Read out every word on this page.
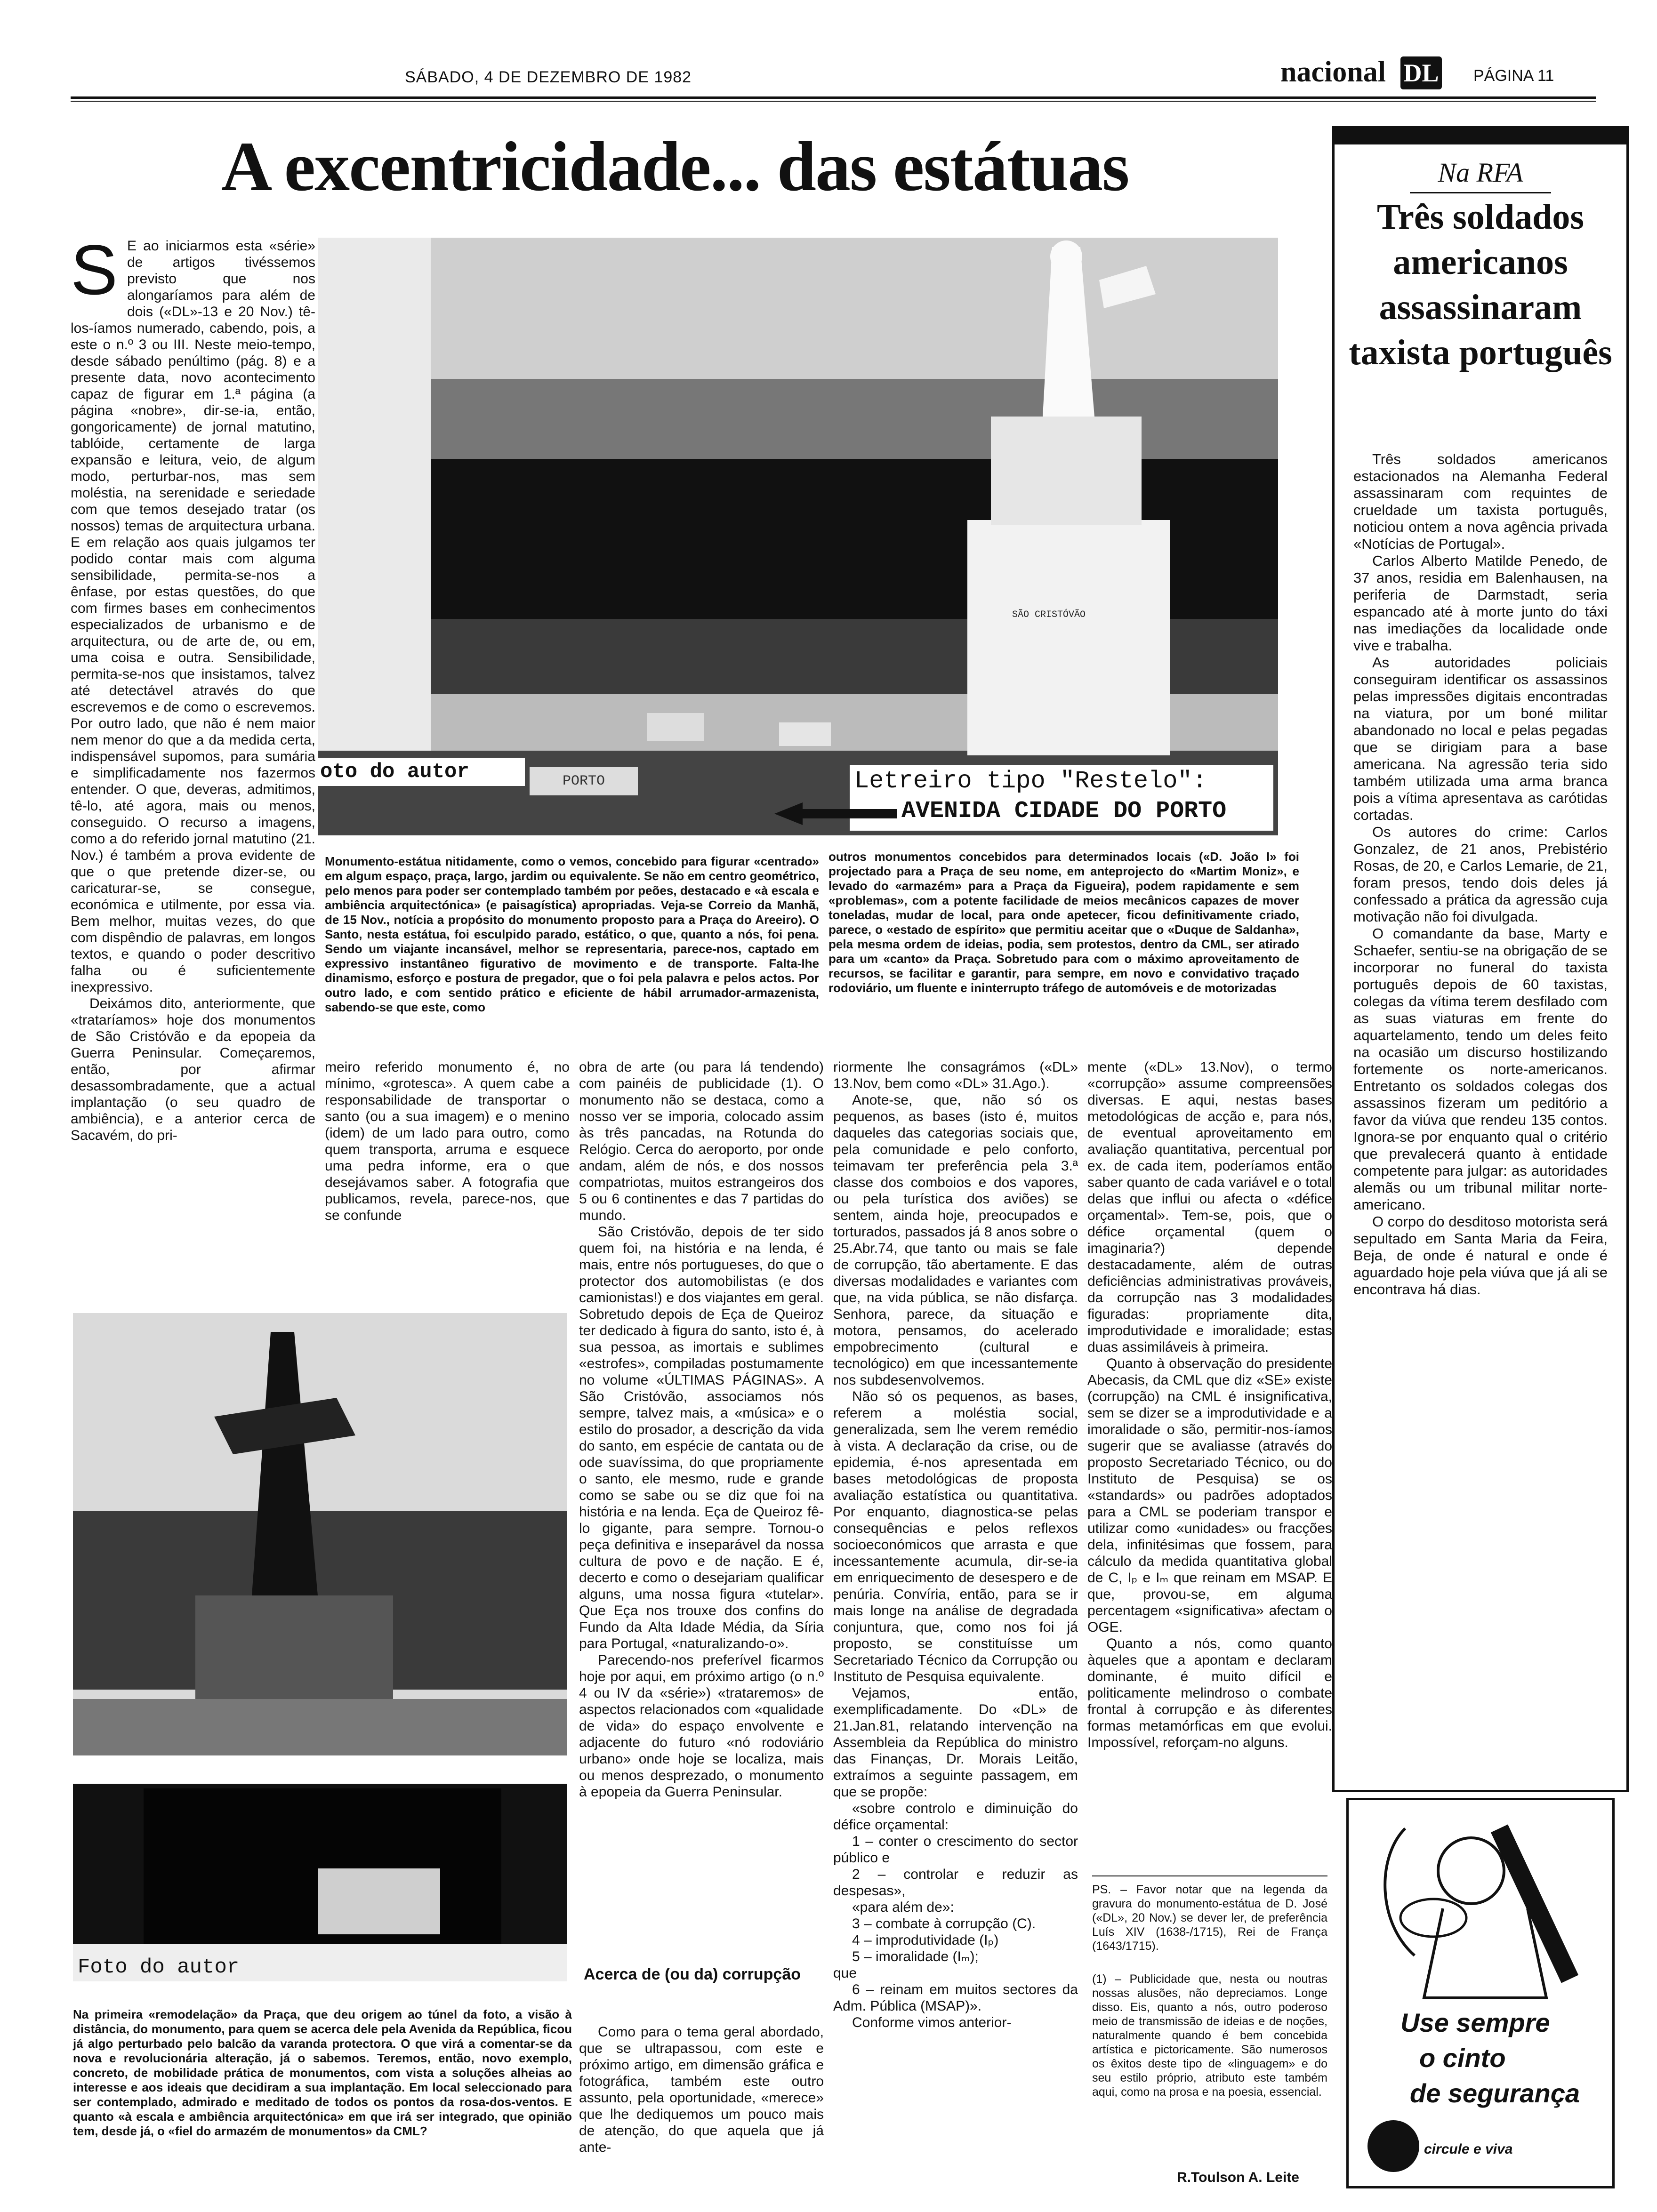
SÁBADO, 4 DE DEZEMBRO DE 1982	nacional DL PÁGINA 11
A excentricidade... das estátuas
S E ao iniciarmos esta «série» de artigos tivéssemos previsto que nos alongaríamos para além de dois («DL»-13 e 20 Nov.) tê-los-íamos numerado, cabendo, pois, a este o n.º 3 ou III. Neste meio-tempo, desde sábado penúltimo (pág. 8) e a presente data, novo acontecimento capaz de figurar em 1.ª página (a página «nobre», dir-se-ia, então, gongoricamente) de jornal matutino, tablóide, certamente de larga expansão e leitura, veio, de algum modo, perturbar-nos, mas sem moléstia, na serenidade e seriedade com que temos desejado tratar (os nossos) temas de arquitectura urbana. E em relação aos quais julgamos ter podido contar mais com alguma sensibilidade, permita-se-nos a ênfase, por estas questões, do que com firmes bases em conhecimentos especializados de urbanismo e de arquitectura, ou de arte de, ou em, uma coisa e outra. Sensibilidade, permita-se-nos que insistamos, talvez até detectável através do que escrevemos e de como o escrevemos. Por outro lado, que não é nem maior nem menor do que a da medida certa, indispensável supomos, para sumária e simplificadamente nos fazermos entender. O que, deveras, admitimos, tê-lo, até agora, mais ou menos, conseguido. O recurso a imagens, como a do referido jornal matutino (21. Nov.) é também a prova evidente de que o que pretende dizer-se, ou caricaturar-se, se consegue, económica e utilmente, por essa via. Bem melhor, muitas vezes, do que com dispêndio de palavras, em longos textos, e quando o poder descritivo falha ou é suficientemente inexpressivo.

Deixámos dito, anteriormente, que «trataríamos» hoje dos monumentos de São Cristóvão e da epopeia da Guerra Peninsular. Começaremos, então, por afirmar desassombradamente, que a actual implantação (o seu quadro de ambiência), e a anterior cerca de Sacavém, do pri-

SÃO CRISTÓVÃO
oto do autor	PORTO	Letreiro tipo "Restelo":
AVENIDA CIDADE DO PORTO
Monumento-estátua nitidamente, como o vemos, concebido para figurar «centrado» em algum espaço, praça, largo, jardim ou equivalente. Se não em centro geométrico, pelo menos para poder ser contemplado também por peões, destacado e «à escala e ambiência arquitectónica» (e paisagística) apropriadas. Veja-se Correio da Manhã, de 15 Nov., notícia a propósito do monumento proposto para a Praça do Areeiro). O Santo, nesta estátua, foi esculpido parado, estático, o que, quanto a nós, foi pena. Sendo um viajante incansável, melhor se representaria, parece-nos, captado em expressivo instantâneo figurativo de movimento e de transporte. Falta-lhe dinamismo, esforço e postura de pregador, que o foi pela palavra e pelos actos. Por outro lado, e com sentido prático e eficiente de hábil arrumador-armazenista, sabendo-se que este, como
outros monumentos concebidos para determinados locais («D. João I» foi projectado para a Praça de seu nome, em anteprojecto do «Martim Moniz», e levado do «armazém» para a Praça da Figueira), podem rapidamente e sem «problemas», com a potente facilidade de meios mecânicos capazes de mover toneladas, mudar de local, para onde apetecer, ficou definitivamente criado, parece, o «estado de espírito» que permitiu aceitar que o «Duque de Saldanha», pela mesma ordem de ideias, podia, sem protestos, dentro da CML, ser atirado para um «canto» da Praça. Sobretudo para com o máximo aproveitamento de recursos, se facilitar e garantir, para sempre, em novo e convidativo traçado rodoviário, um fluente e ininterrupto tráfego de automóveis e de motorizadas

meiro referido monumento é, no mínimo, «grotesca». A quem cabe a responsabilidade de transportar o santo (ou a sua imagem) e o menino (idem) de um lado para outro, como quem transporta, arruma e esquece uma pedra informe, era o que desejávamos saber. A fotografia que publicamos, revela, parece-nos, que se confunde

obra de arte (ou para lá tendendo) com painéis de publicidade (1). O monumento não se destaca, como a nosso ver se imporia, colocado assim às três pancadas, na Rotunda do Relógio. Cerca do aeroporto, por onde andam, além de nós, e dos nossos compatriotas, muitos estrangeiros dos 5 ou 6 continentes e das 7 partidas do mundo.

São Cristóvão, depois de ter sido quem foi, na história e na lenda, é mais, entre nós portugueses, do que o protector dos automobilistas (e dos camionistas!) e dos viajantes em geral. Sobretudo depois de Eça de Queiroz ter dedicado à figura do santo, isto é, à sua pessoa, as imortais e sublimes «estrofes», compiladas postumamente no volume «ÚLTIMAS PÁGINAS». A São Cristóvão, associamos nós sempre, talvez mais, a «música» e o estilo do prosador, a descrição da vida do santo, em espécie de cantata ou de ode suavíssima, do que propriamente o santo, ele mesmo, rude e grande como se sabe ou se diz que foi na história e na lenda. Eça de Queiroz fê-lo gigante, para sempre. Tornou-o peça definitiva e inseparável da nossa cultura de povo e de nação. E é, decerto e como o desejariam qualificar alguns, uma nossa figura «tutelar». Que Eça nos trouxe dos confins do Fundo da Alta Idade Média, da Síria para Portugal, «naturalizando-o».

Parecendo-nos preferível ficarmos hoje por aqui, em próximo artigo (o n.º 4 ou IV da «série») «trataremos» de aspectos relacionados com «qualidade de vida» do espaço envolvente e adjacente do futuro «nó rodoviário urbano» onde hoje se localiza, mais ou menos desprezado, o monumento à epopeia da Guerra Peninsular.

Acerca de (ou da) corrupção

Como para o tema geral abordado, que se ultrapassou, com este e próximo artigo, em dimensão gráfica e fotográfica, também este outro assunto, pela oportunidade, «merece» que lhe dediquemos um pouco mais de atenção, do que aquela que já ante-

riormente lhe consagrámos («DL» 13.Nov, bem como «DL» 31.Ago.).

Anote-se, que, não só os pequenos, as bases (isto é, muitos daqueles das categorias sociais que, pela comunidade e pelo conforto, teimavam ter preferência pela 3.ª classe dos comboios e dos vapores, ou pela turística dos aviões) se sentem, ainda hoje, preocupados e torturados, passados já 8 anos sobre o 25.Abr.74, que tanto ou mais se fale de corrupção, tão abertamente. E das diversas modalidades e variantes com que, na vida pública, se não disfarça. Senhora, parece, da situação e motora, pensamos, do acelerado empobrecimento (cultural e tecnológico) em que incessantemente nos subdesenvolvemos.

Não só os pequenos, as bases, referem a moléstia social, generalizada, sem lhe verem remédio à vista. A declaração da crise, ou de epidemia, é-nos apresentada em bases metodológicas de proposta avaliação estatística ou quantitativa. Por enquanto, diagnostica-se pelas consequências e pelos reflexos socioeconómicos que arrasta e que incessantemente acumula, dir-se-ia em enriquecimento de desespero e de penúria. Convíria, então, para se ir mais longe na análise de degradada conjuntura, que, como nos foi já proposto, se constituísse um Secretariado Técnico da Corrupção ou Instituto de Pesquisa equivalente.

Vejamos, então, exemplificadamente. Do «DL» de 21.Jan.81, relatando intervenção na Assembleia da República do ministro das Finanças, Dr. Morais Leitão, extraímos a seguinte passagem, em que se propõe:

«sobre controlo e diminuição do défice orçamental:

1 – conter o crescimento do sector público e

2 – controlar e reduzir as despesas»,

«para além de»:

3 – combate à corrupção (C).

4 – improdutividade (Iₚ)

5 – imoralidade (Iₘ);

que

6 – reinam em muitos sectores da Adm. Pública (MSAP)».

Conforme vimos anterior-

mente («DL» 13.Nov), o termo «corrupção» assume compreensões diversas. E aqui, nestas bases metodológicas de acção e, para nós, de eventual aproveitamento em avaliação quantitativa, percentual por ex. de cada item, poderíamos então saber quanto de cada variável e o total delas que influi ou afecta o «défice orçamental». Tem-se, pois, que o défice orçamental (quem o imaginaria?) depende destacadamente, além de outras deficiências administrativas prováveis, da corrupção nas 3 modalidades figuradas: propriamente dita, improdutividade e imoralidade; estas duas assimiláveis à primeira.

Quanto à observação do presidente Abecasis, da CML que diz «SE» existe (corrupção) na CML é insignificativa, sem se dizer se a improdutividade e a imoralidade o são, permitir-nos-íamos sugerir que se avaliasse (através do proposto Secretariado Técnico, ou do Instituto de Pesquisa) se os «standards» ou padrões adoptados para a CML se poderiam transpor e utilizar como «unidades» ou fracções dela, infinitésimas que fossem, para cálculo da medida quantitativa global de C, Iₚ e Iₘ que reinam em MSAP. E que, provou-se, em alguma percentagem «significativa» afectam o OGE.

Quanto a nós, como quanto àqueles que a apontam e declaram dominante, é muito difícil e politicamente melindroso o combate frontal à corrupção e às diferentes formas metamórficas em que evolui. Impossível, reforçam-no alguns.

PS. – Favor notar que na legenda da gravura do monumento-estátua de D. José («DL», 20 Nov.) se dever ler, de preferência Luís XIV (1638-/1715), Rei de França (1643/1715).

(1) – Publicidade que, nesta ou noutras nossas alusões, não depreciamos. Longe disso. Eis, quanto a nós, outro poderoso meio de transmissão de ideias e de noções, naturalmente quando é bem concebida artística e pictoricamente. São numerosos os êxitos deste tipo de «linguagem» e do seu estilo próprio, atributo este também aqui, como na prosa e na poesia, essencial.

R.Toulson A. Leite
Foto do autor
Na primeira «remodelação» da Praça, que deu origem ao túnel da foto, a visão à distância, do monumento, para quem se acerca dele pela Avenida da República, ficou já algo perturbado pelo balcão da varanda protectora. O que virá a comentar-se da nova e revolucionária alteração, já o sabemos. Teremos, então, novo exemplo, concreto, de mobilidade prática de monumentos, com vista a soluções alheias ao interesse e aos ideais que decidiram a sua implantação. Em local seleccionado para ser contemplado, admirado e meditado de todos os pontos da rosa-dos-ventos. E quanto «à escala e ambiência arquitectónica» em que irá ser integrado, que opinião tem, desde já, o «fiel do armazém de monumentos» da CML?
Na RFA
Três soldados americanos assassinaram taxista português

Três soldados americanos estacionados na Alemanha Federal assassinaram com requintes de crueldade um taxista português, noticiou ontem a nova agência privada «Notícias de Portugal».

Carlos Alberto Matilde Penedo, de 37 anos, residia em Balenhausen, na periferia de Darmstadt, seria espancado até à morte junto do táxi nas imediações da localidade onde vive e trabalha.

As autoridades policiais conseguiram identificar os assassinos pelas impressões digitais encontradas na viatura, por um boné militar abandonado no local e pelas pegadas que se dirigiam para a base americana. Na agressão teria sido também utilizada uma arma branca pois a vítima apresentava as carótidas cortadas.

Os autores do crime: Carlos Gonzalez, de 21 anos, Prebistério Rosas, de 20, e Carlos Lemarie, de 21, foram presos, tendo dois deles já confessado a prática da agressão cuja motivação não foi divulgada.

O comandante da base, Marty e Schaefer, sentiu-se na obrigação de se incorporar no funeral do taxista português depois de 60 taxistas, colegas da vítima terem desfilado com as suas viaturas em frente do aquartelamento, tendo um deles feito na ocasião um discurso hostilizando fortemente os norte-americanos. Entretanto os soldados colegas dos assassinos fizeram um peditório a favor da viúva que rendeu 135 contos. Ignora-se por enquanto qual o critério que prevalecerá quanto à entidade competente para julgar: as autoridades alemãs ou um tribunal militar norte-americano.

O corpo do desditoso motorista será sepultado em Santa Maria da Feira, Beja, de onde é natural e onde é aguardado hoje pela viúva que já ali se encontrava há dias.

Use sempre
o cinto
de segurança
circule e viva
